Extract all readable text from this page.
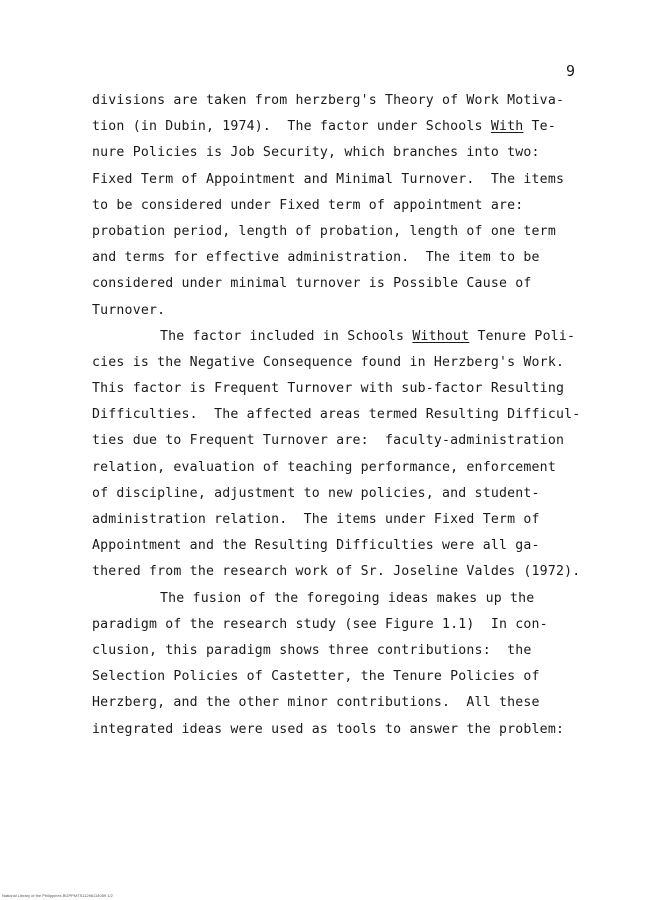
9
divisions are taken from herzberg's Theory of Work Motiva-
tion (in Dubin, 1974).  The factor under Schools With Te-
nure Policies is Job Security, which branches into two:
Fixed Term of Appointment and Minimal Turnover.  The items
to be considered under Fixed term of appointment are:
probation period, length of probation, length of one term
and terms for effective administration.  The item to be
considered under minimal turnover is Possible Cause of
Turnover.
The factor included in Schools Without Tenure Poli-
cies is the Negative Consequence found in Herzberg's Work.
This factor is Frequent Turnover with sub-factor Resulting
Difficulties.  The affected areas termed Resulting Difficul-
ties due to Frequent Turnover are:  faculty-administration
relation, evaluation of teaching performance, enforcement
of discipline, adjustment to new policies, and student-
administration relation.  The items under Fixed Term of
Appointment and the Resulting Difficulties were all ga-
thered from the research work of Sr. Joseline Valdes (1972).
The fusion of the foregoing ideas makes up the
paradigm of the research study (see Figure 1.1)  In con-
clusion, this paradigm shows three contributions:  the
Selection Policies of Castetter, the Tenure Policies of
Herzberg, and the other minor contributions.  All these
integrated ideas were used as tools to answer the problem:
National Library of the Philippines BGPPMTS11296114059 1/2
